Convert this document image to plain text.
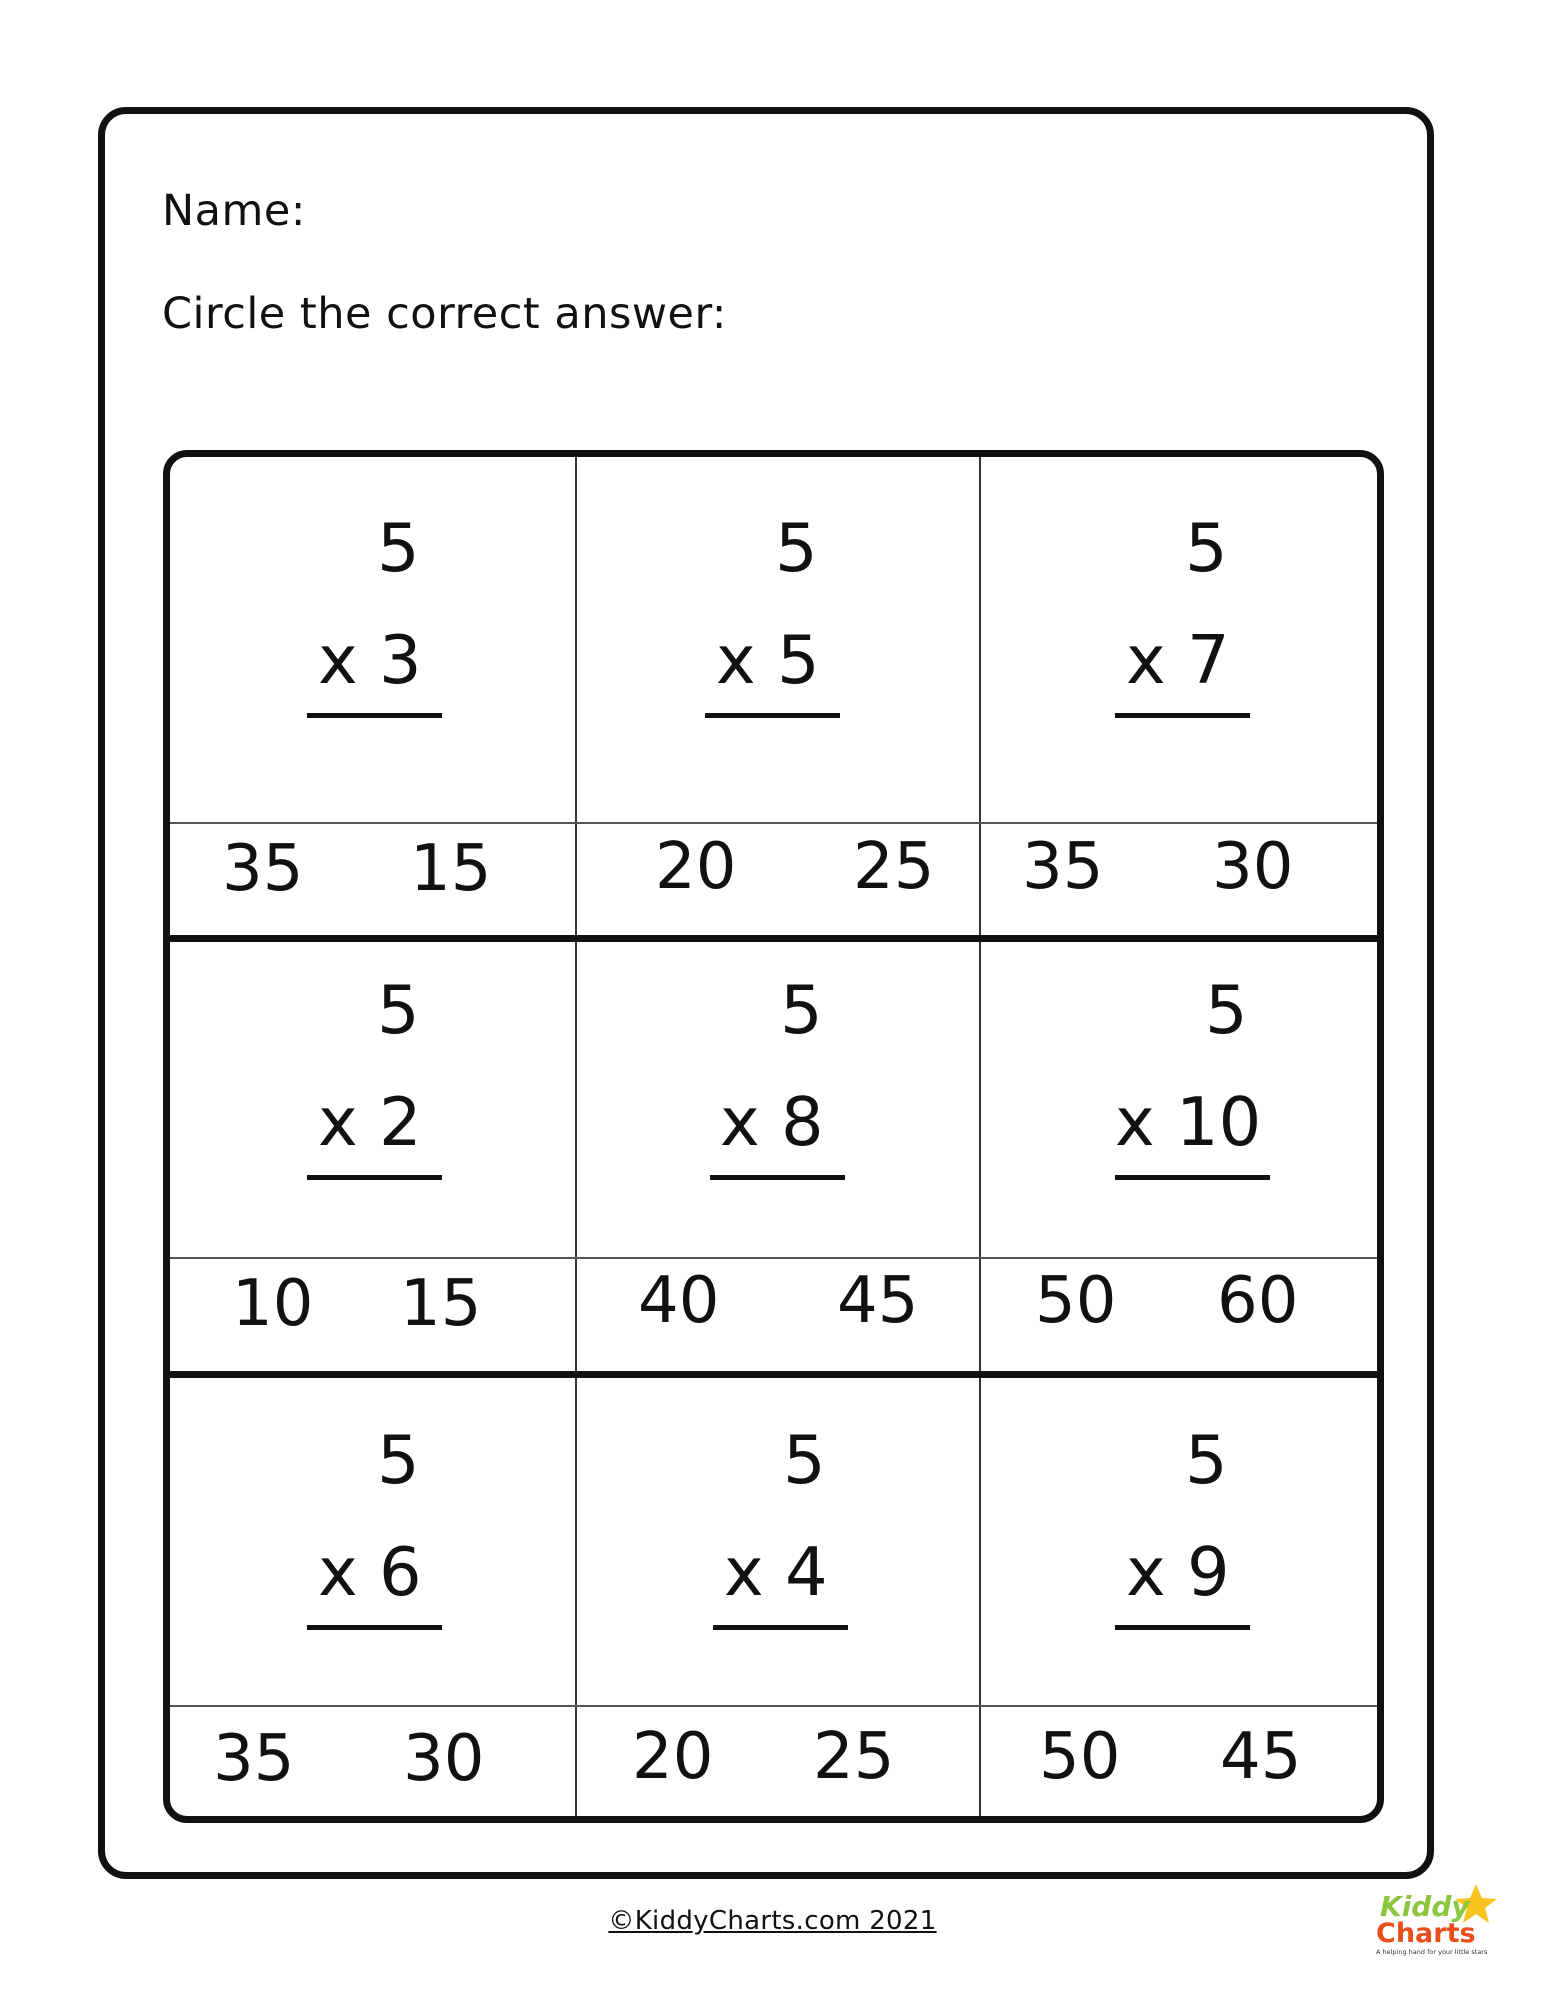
Name:
Circle the correct answer:
5
x 3
35 15
5
x 5
20 25
5
x 7
35 30
5
x 2
10 15
5
x 8
40 45
5
x 10
50 60
5
x 6
35 30
5
x 4
20 25
5
x 9
50 45
©KiddyCharts.com 2021	Kiddy
Charts
A helping hand for your little stars
